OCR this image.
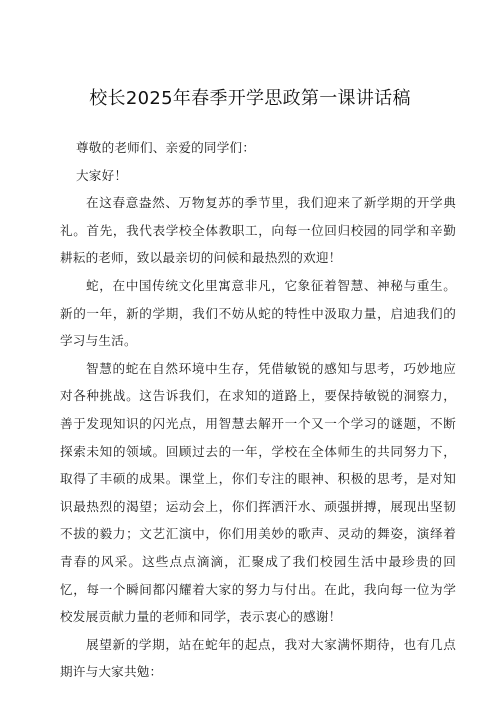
校长2025年春季开学思政第一课讲话稿

尊敬的老师们、亲爱的同学们：

大家好！

在这春意盎然、万物复苏的季节里，我们迎来了新学期的开学典礼。首先，我代表学校全体教职工，向每一位回归校园的同学和辛勤耕耘的老师，致以最亲切的问候和最热烈的欢迎！

蛇，在中国传统文化里寓意非凡，它象征着智慧、神秘与重生。新的一年，新的学期，我们不妨从蛇的特性中汲取力量，启迪我们的学习与生活。

智慧的蛇在自然环境中生存，凭借敏锐的感知与思考，巧妙地应对各种挑战。这告诉我们，在求知的道路上，要保持敏锐的洞察力，善于发现知识的闪光点，用智慧去解开一个又一个学习的谜题，不断探索未知的领域。回顾过去的一年，学校在全体师生的共同努力下，取得了丰硕的成果。课堂上，你们专注的眼神、积极的思考，是对知识最热烈的渴望；运动会上，你们挥洒汗水、顽强拼搏，展现出坚韧不拔的毅力；文艺汇演中，你们用美妙的歌声、灵动的舞姿，演绎着青春的风采。这些点点滴滴，汇聚成了我们校园生活中最珍贵的回忆，每一个瞬间都闪耀着大家的努力与付出。在此，我向每一位为学校发展贡献力量的老师和同学，表示衷心的感谢！

展望新的学期，站在蛇年的起点，我对大家满怀期待，也有几点期许与大家共勉：
